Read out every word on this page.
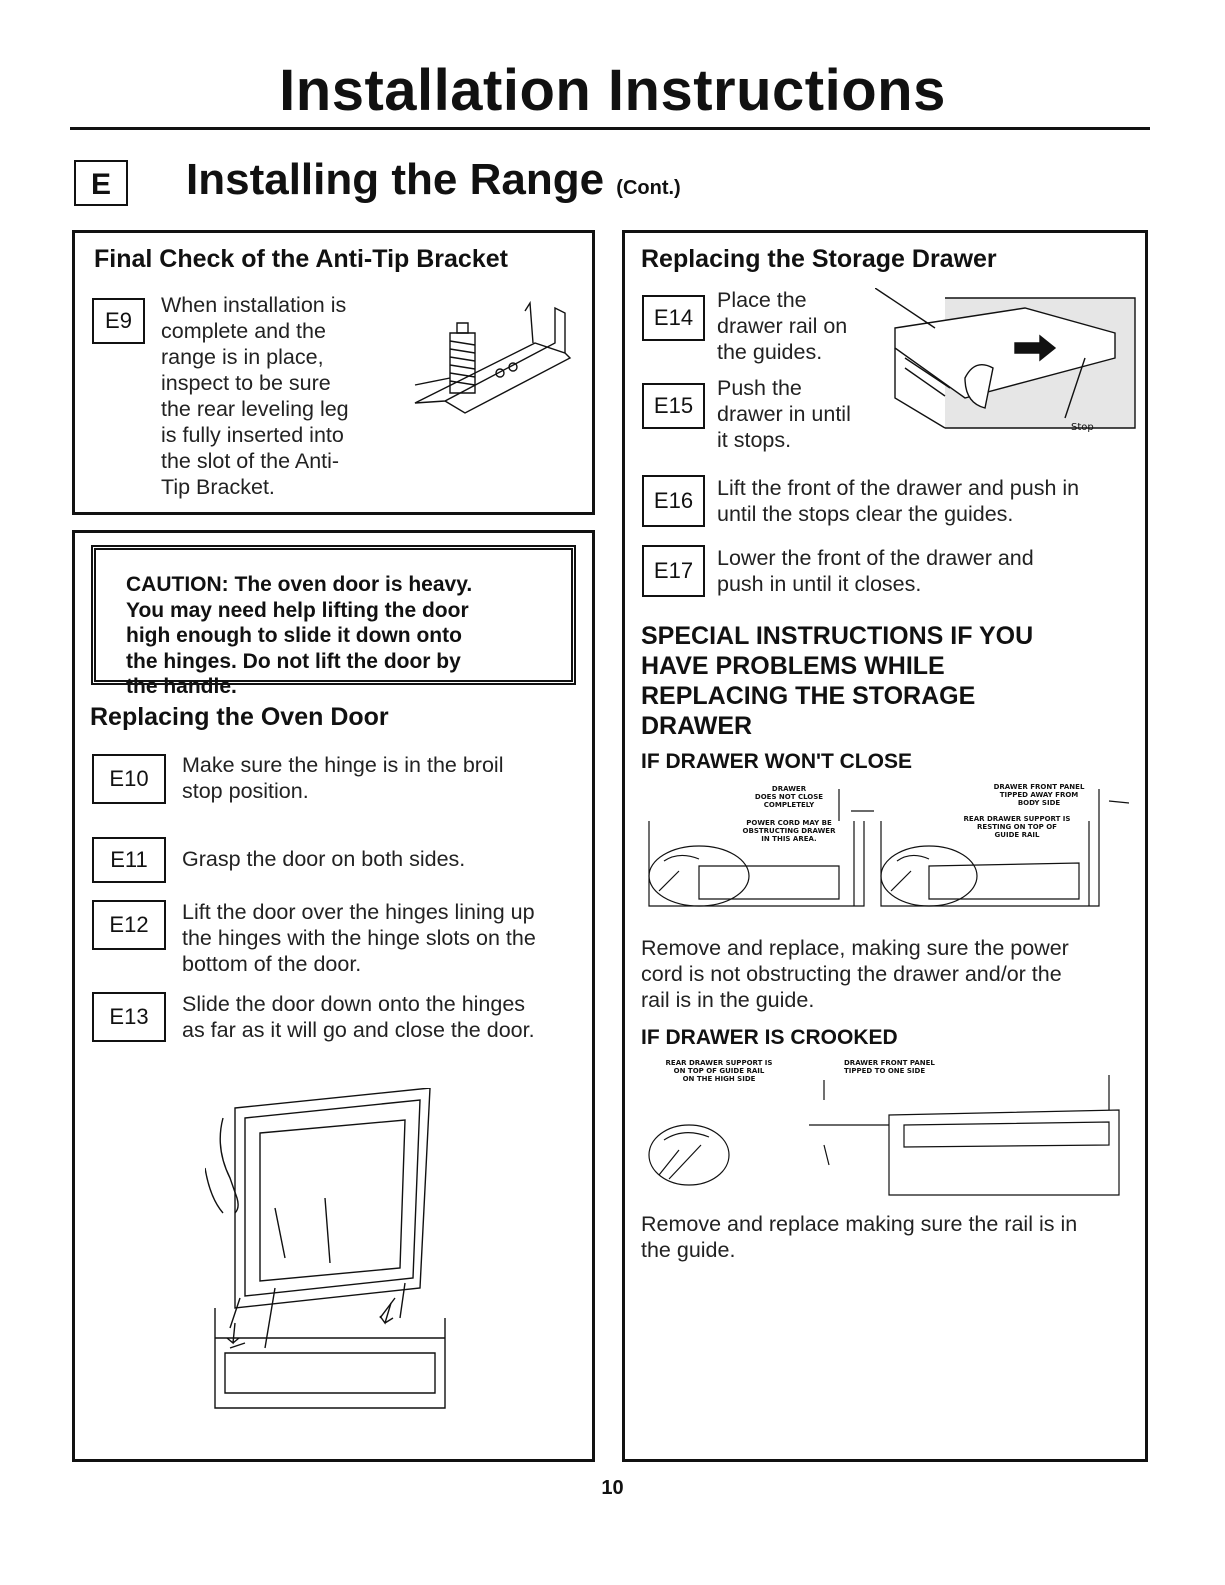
Installation Instructions
E	Installing the Range (Cont.)
Final Check of the Anti-Tip Bracket
E9

When installation is
complete and the
range is in place,
inspect to be sure
the rear leveling leg
is fully inserted into
the slot of the Anti-
Tip Bracket.

CAUTION: The oven door is heavy.
You may need help lifting the door
high enough to slide it down onto
the hinges. Do not lift the door by
the handle.
Replacing the Oven Door
E10

Make sure the hinge is in the broil
stop position.

E11	Grasp the door on both sides.

E12	Lift the door over the hinges lining up
the hinges with the hinge slots on the
bottom of the door.

E13	Slide the door down onto the hinges
as far as it will go and close the door.

Replacing the Storage Drawer
E14

Place the
drawer rail on
the guides.

E15

Push the
drawer in until
it stops.

Stop
E16	Lift the front of the drawer and push in
until the stops clear the guides.

E17	Lower the front of the drawer and
push in until it closes.

SPECIAL INSTRUCTIONS IF YOU
HAVE PROBLEMS WHILE
REPLACING THE STORAGE
DRAWER

IF DRAWER WON'T CLOSE
DRAWER DOES NOT CLOSE COMPLETELY
POWER CORD MAY BE OBSTRUCTING DRAWER IN THIS AREA.
DRAWER FRONT PANEL TIPPED AWAY FROM BODY SIDE
REAR DRAWER SUPPORT IS RESTING ON TOP OF GUIDE RAIL

Remove and replace, making sure the power
cord is not obstructing the drawer and/or the
rail is in the guide.

IF DRAWER IS CROOKED
REAR DRAWER SUPPORT IS ON TOP OF GUIDE RAIL ON THE HIGH SIDE
DRAWER FRONT PANEL TIPPED TO ONE SIDE

Remove and replace making sure the rail is in
the guide.

10
